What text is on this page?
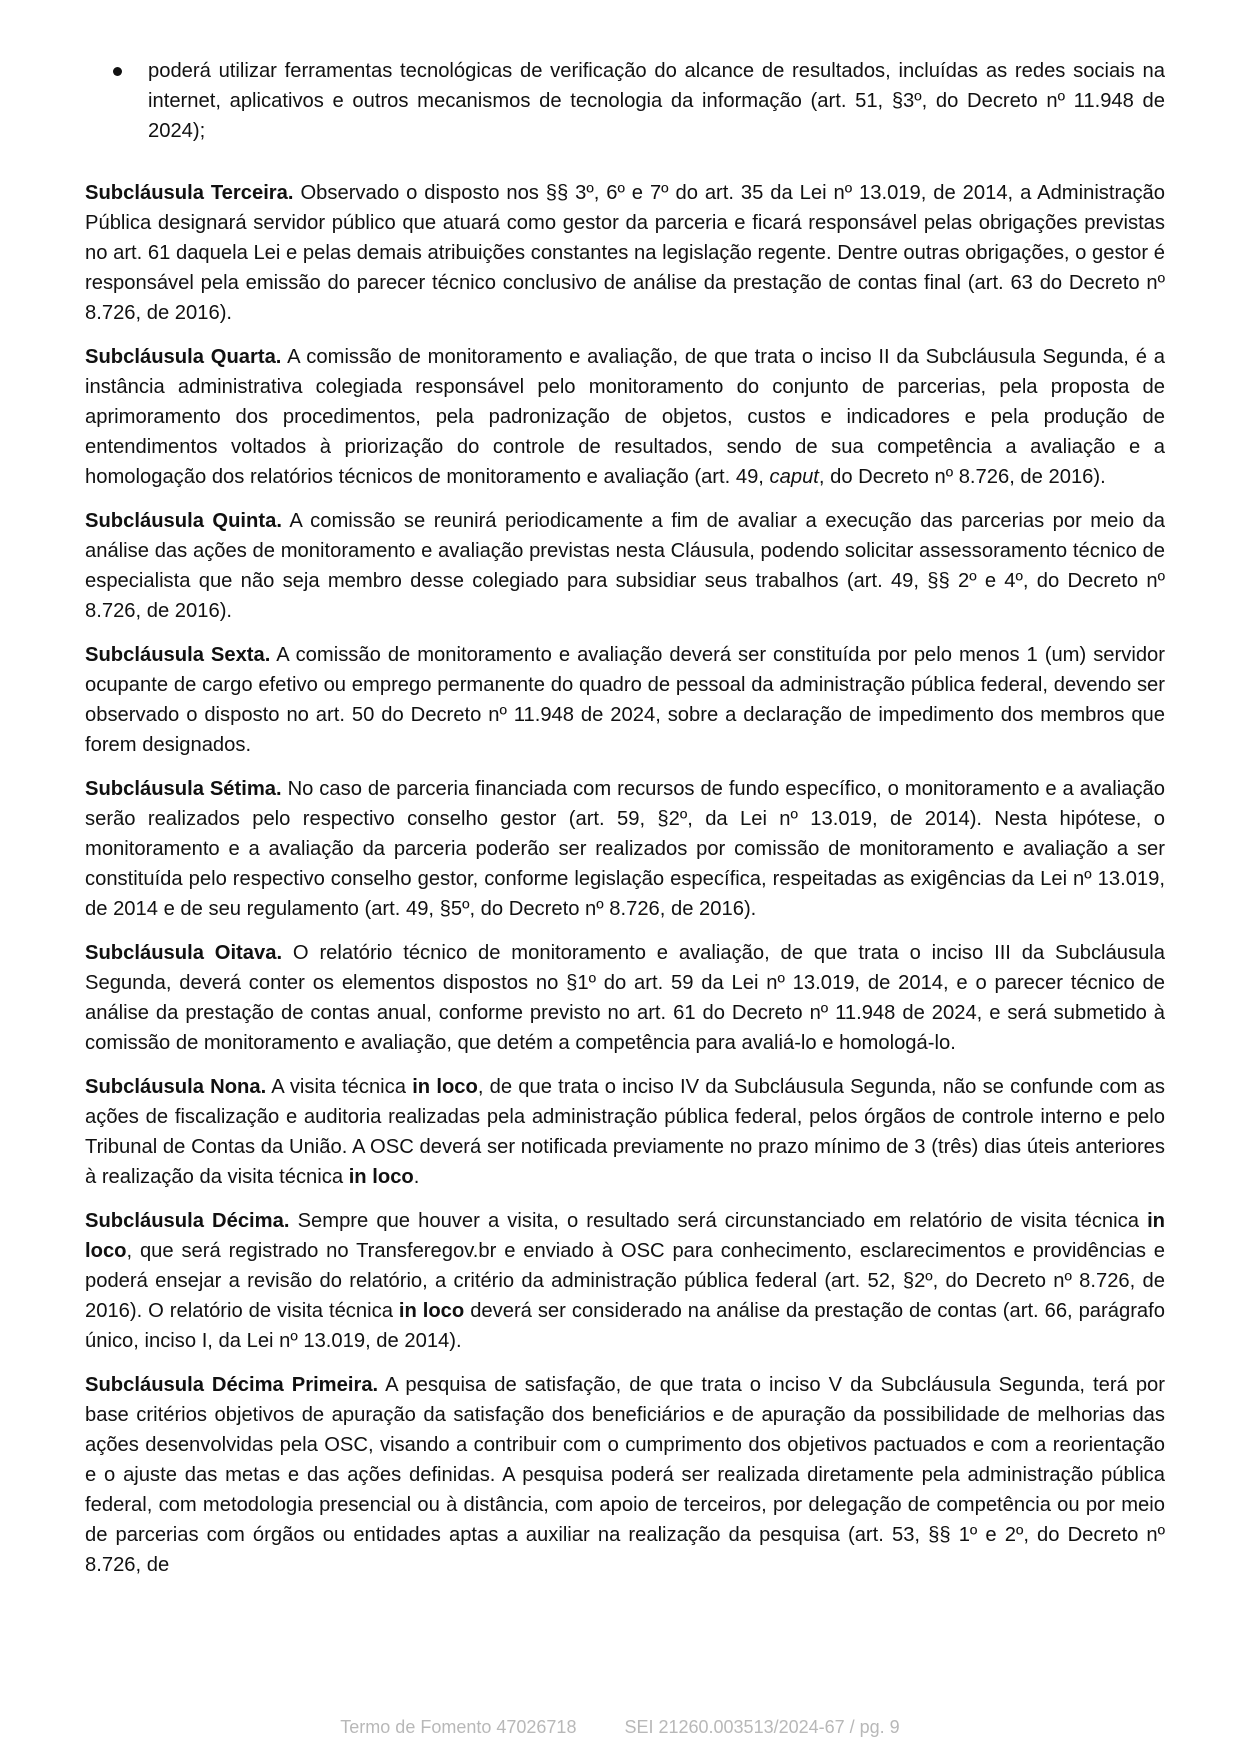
poderá utilizar ferramentas tecnológicas de verificação do alcance de resultados, incluídas as redes sociais na internet, aplicativos e outros mecanismos de tecnologia da informação (art. 51, §3º, do Decreto nº 11.948 de 2024);

Subcláusula Terceira. Observado o disposto nos §§ 3º, 6º e 7º do art. 35 da Lei nº 13.019, de 2014, a Administração Pública designará servidor público que atuará como gestor da parceria e ficará responsável pelas obrigações previstas no art. 61 daquela Lei e pelas demais atribuições constantes na legislação regente. Dentre outras obrigações, o gestor é responsável pela emissão do parecer técnico conclusivo de análise da prestação de contas final (art. 63 do Decreto nº 8.726, de 2016).

Subcláusula Quarta. A comissão de monitoramento e avaliação, de que trata o inciso II da Subcláusula Segunda, é a instância administrativa colegiada responsável pelo monitoramento do conjunto de parcerias, pela proposta de aprimoramento dos procedimentos, pela padronização de objetos, custos e indicadores e pela produção de entendimentos voltados à priorização do controle de resultados, sendo de sua competência a avaliação e a homologação dos relatórios técnicos de monitoramento e avaliação (art. 49, caput, do Decreto nº 8.726, de 2016).

Subcláusula Quinta. A comissão se reunirá periodicamente a fim de avaliar a execução das parcerias por meio da análise das ações de monitoramento e avaliação previstas nesta Cláusula, podendo solicitar assessoramento técnico de especialista que não seja membro desse colegiado para subsidiar seus trabalhos (art. 49, §§ 2º e 4º, do Decreto nº 8.726, de 2016).

Subcláusula Sexta. A comissão de monitoramento e avaliação deverá ser constituída por pelo menos 1 (um) servidor ocupante de cargo efetivo ou emprego permanente do quadro de pessoal da administração pública federal, devendo ser observado o disposto no art. 50 do Decreto nº 11.948 de 2024, sobre a declaração de impedimento dos membros que forem designados.

Subcláusula Sétima. No caso de parceria financiada com recursos de fundo específico, o monitoramento e a avaliação serão realizados pelo respectivo conselho gestor (art. 59, §2º, da Lei nº 13.019, de 2014). Nesta hipótese, o monitoramento e a avaliação da parceria poderão ser realizados por comissão de monitoramento e avaliação a ser constituída pelo respectivo conselho gestor, conforme legislação específica, respeitadas as exigências da Lei nº 13.019, de 2014 e de seu regulamento (art. 49, §5º, do Decreto nº 8.726, de 2016).

Subcláusula Oitava. O relatório técnico de monitoramento e avaliação, de que trata o inciso III da Subcláusula Segunda, deverá conter os elementos dispostos no §1º do art. 59 da Lei nº 13.019, de 2014, e o parecer técnico de análise da prestação de contas anual, conforme previsto no art. 61 do Decreto nº 11.948 de 2024, e será submetido à comissão de monitoramento e avaliação, que detém a competência para avaliá-lo e homologá-lo.

Subcláusula Nona. A visita técnica in loco, de que trata o inciso IV da Subcláusula Segunda, não se confunde com as ações de fiscalização e auditoria realizadas pela administração pública federal, pelos órgãos de controle interno e pelo Tribunal de Contas da União. A OSC deverá ser notificada previamente no prazo mínimo de 3 (três) dias úteis anteriores à realização da visita técnica in loco.

Subcláusula Décima. Sempre que houver a visita, o resultado será circunstanciado em relatório de visita técnica in loco, que será registrado no Transferegov.br e enviado à OSC para conhecimento, esclarecimentos e providências e poderá ensejar a revisão do relatório, a critério da administração pública federal (art. 52, §2º, do Decreto nº 8.726, de 2016). O relatório de visita técnica in loco deverá ser considerado na análise da prestação de contas (art. 66, parágrafo único, inciso I, da Lei nº 13.019, de 2014).

Subcláusula Décima Primeira. A pesquisa de satisfação, de que trata o inciso V da Subcláusula Segunda, terá por base critérios objetivos de apuração da satisfação dos beneficiários e de apuração da possibilidade de melhorias das ações desenvolvidas pela OSC, visando a contribuir com o cumprimento dos objetivos pactuados e com a reorientação e o ajuste das metas e das ações definidas. A pesquisa poderá ser realizada diretamente pela administração pública federal, com metodologia presencial ou à distância, com apoio de terceiros, por delegação de competência ou por meio de parcerias com órgãos ou entidades aptas a auxiliar na realização da pesquisa (art. 53, §§ 1º e 2º, do Decreto nº 8.726, de

Termo de Fomento 47026718	SEI 21260.003513/2024-67 / pg. 9
